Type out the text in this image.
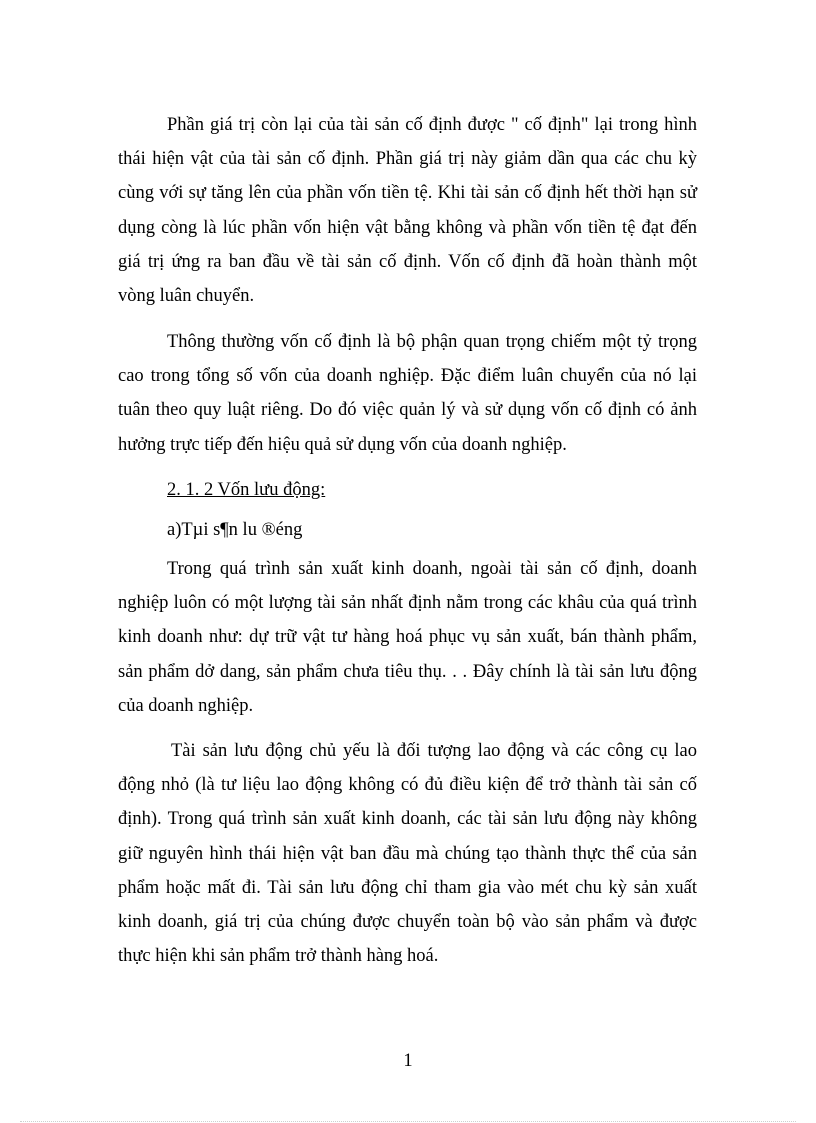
Phần giá trị còn lại của tài sản cố định được " cố định" lại trong hình
thái hiện vật của tài sản cố định. Phần giá trị này giảm dần qua các chu kỳ
cùng với sự tăng lên của phần vốn tiền tệ. Khi tài sản cố định hết thời hạn sử
dụng còng là lúc phần vốn hiện vật bằng không và phần vốn tiền tệ đạt đến
giá trị ứng ra ban đầu về tài sản cố định. Vốn cố định đã hoàn thành một
vòng luân chuyển.
Thông thường vốn cố định là bộ phận quan trọng chiếm một tỷ trọng
cao trong tổng số vốn của doanh nghiệp. Đặc điểm luân chuyển của nó lại
tuân theo quy luật riêng. Do đó việc quản lý và sử dụng vốn cố định có ảnh
hưởng trực tiếp đến hiệu quả sử dụng vốn của doanh nghiệp.
2. 1. 2 Vốn lưu động:
a)Tµi s¶n lu ®éng
Trong quá trình sản xuất kinh doanh, ngoài tài sản cố định, doanh
nghiệp luôn có một lượng tài sản nhất định nằm trong các khâu của quá trình
kinh doanh như: dự trữ vật tư hàng hoá phục vụ sản xuất, bán thành phẩm,
sản phẩm dở dang, sản phẩm chưa tiêu thụ. . . Đây chính là tài sản lưu động
của doanh nghiệp.
Tài sản lưu động chủ yếu là đối tượng lao động và các công cụ lao
động nhỏ (là tư liệu lao động không có đủ điều kiện để trở thành tài sản cố
định). Trong quá trình sản xuất kinh doanh, các tài sản lưu động này không
giữ nguyên hình thái hiện vật ban đầu mà chúng tạo thành thực thể của sản
phẩm hoặc mất đi. Tài sản lưu động chỉ tham gia vào mét chu kỳ sản xuất
kinh doanh, giá trị của chúng được chuyển toàn bộ vào sản phẩm và được
thực hiện khi sản phẩm trở thành hàng hoá.
1
